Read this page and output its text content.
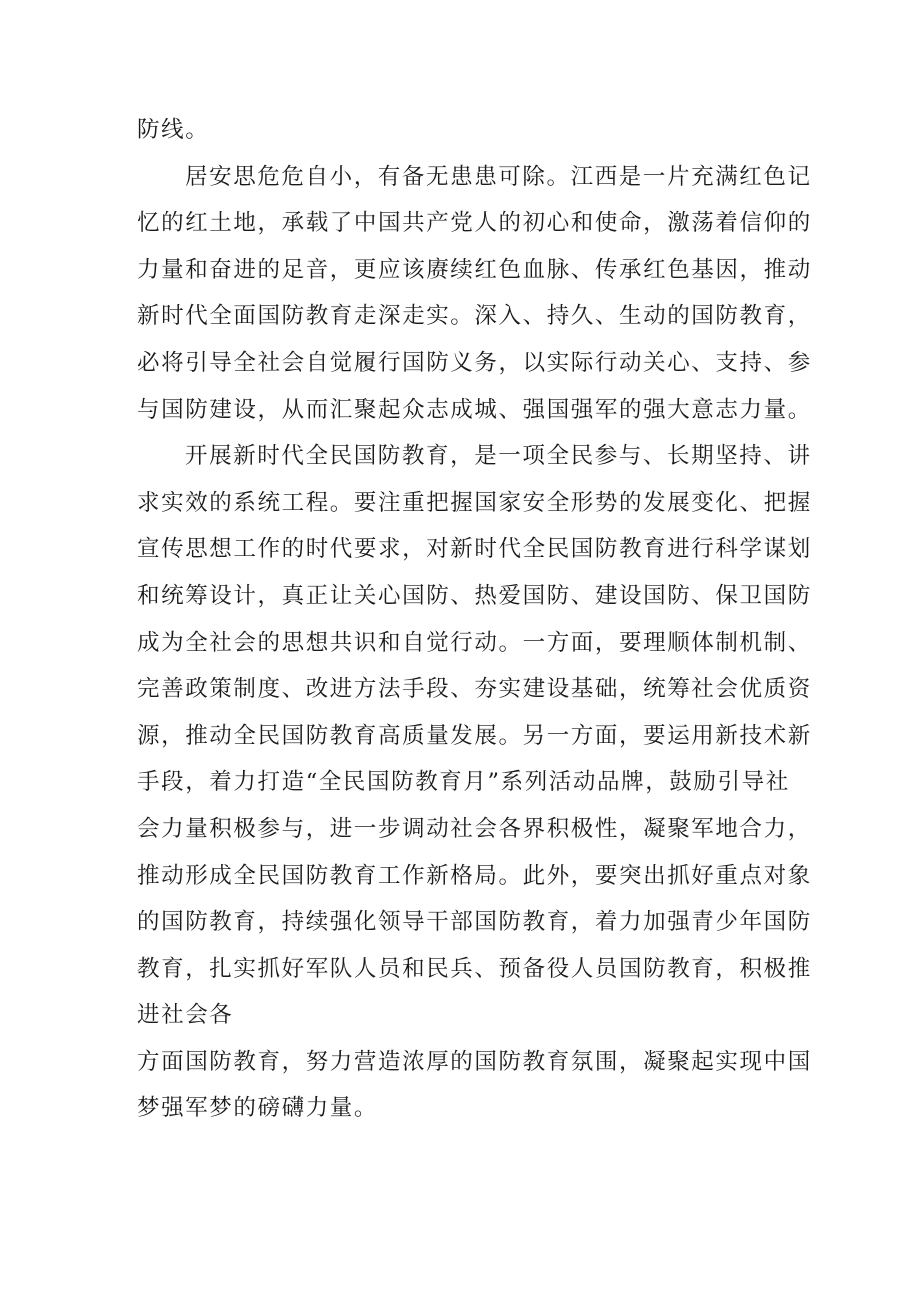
防线。
居安思危危自小，有备无患患可除。江西是一片充满红色记
忆的红土地，承载了中国共产党人的初心和使命，激荡着信仰的
力量和奋进的足音，更应该赓续红色血脉、传承红色基因，推动
新时代全面国防教育走深走实。深入、持久、生动的国防教育，
必将引导全社会自觉履行国防义务，以实际行动关心、支持、参
与国防建设，从而汇聚起众志成城、强国强军的强大意志力量。
开展新时代全民国防教育，是一项全民参与、长期坚持、讲
求实效的系统工程。要注重把握国家安全形势的发展变化、把握
宣传思想工作的时代要求，对新时代全民国防教育进行科学谋划
和统筹设计，真正让关心国防、热爱国防、建设国防、保卫国防
成为全社会的思想共识和自觉行动。一方面，要理顺体制机制、
完善政策制度、改进方法手段、夯实建设基础，统筹社会优质资
源，推动全民国防教育高质量发展。另一方面，要运用新技术新
手段，着力打造“全民国防教育月”系列活动品牌，鼓励引导社
会力量积极参与，进一步调动社会各界积极性，凝聚军地合力，
推动形成全民国防教育工作新格局。此外，要突出抓好重点对象
的国防教育，持续强化领导干部国防教育，着力加强青少年国防
教育，扎实抓好军队人员和民兵、预备役人员国防教育，积极推
进社会各
方面国防教育，努力营造浓厚的国防教育氛围，凝聚起实现中国
梦强军梦的磅礴力量。
